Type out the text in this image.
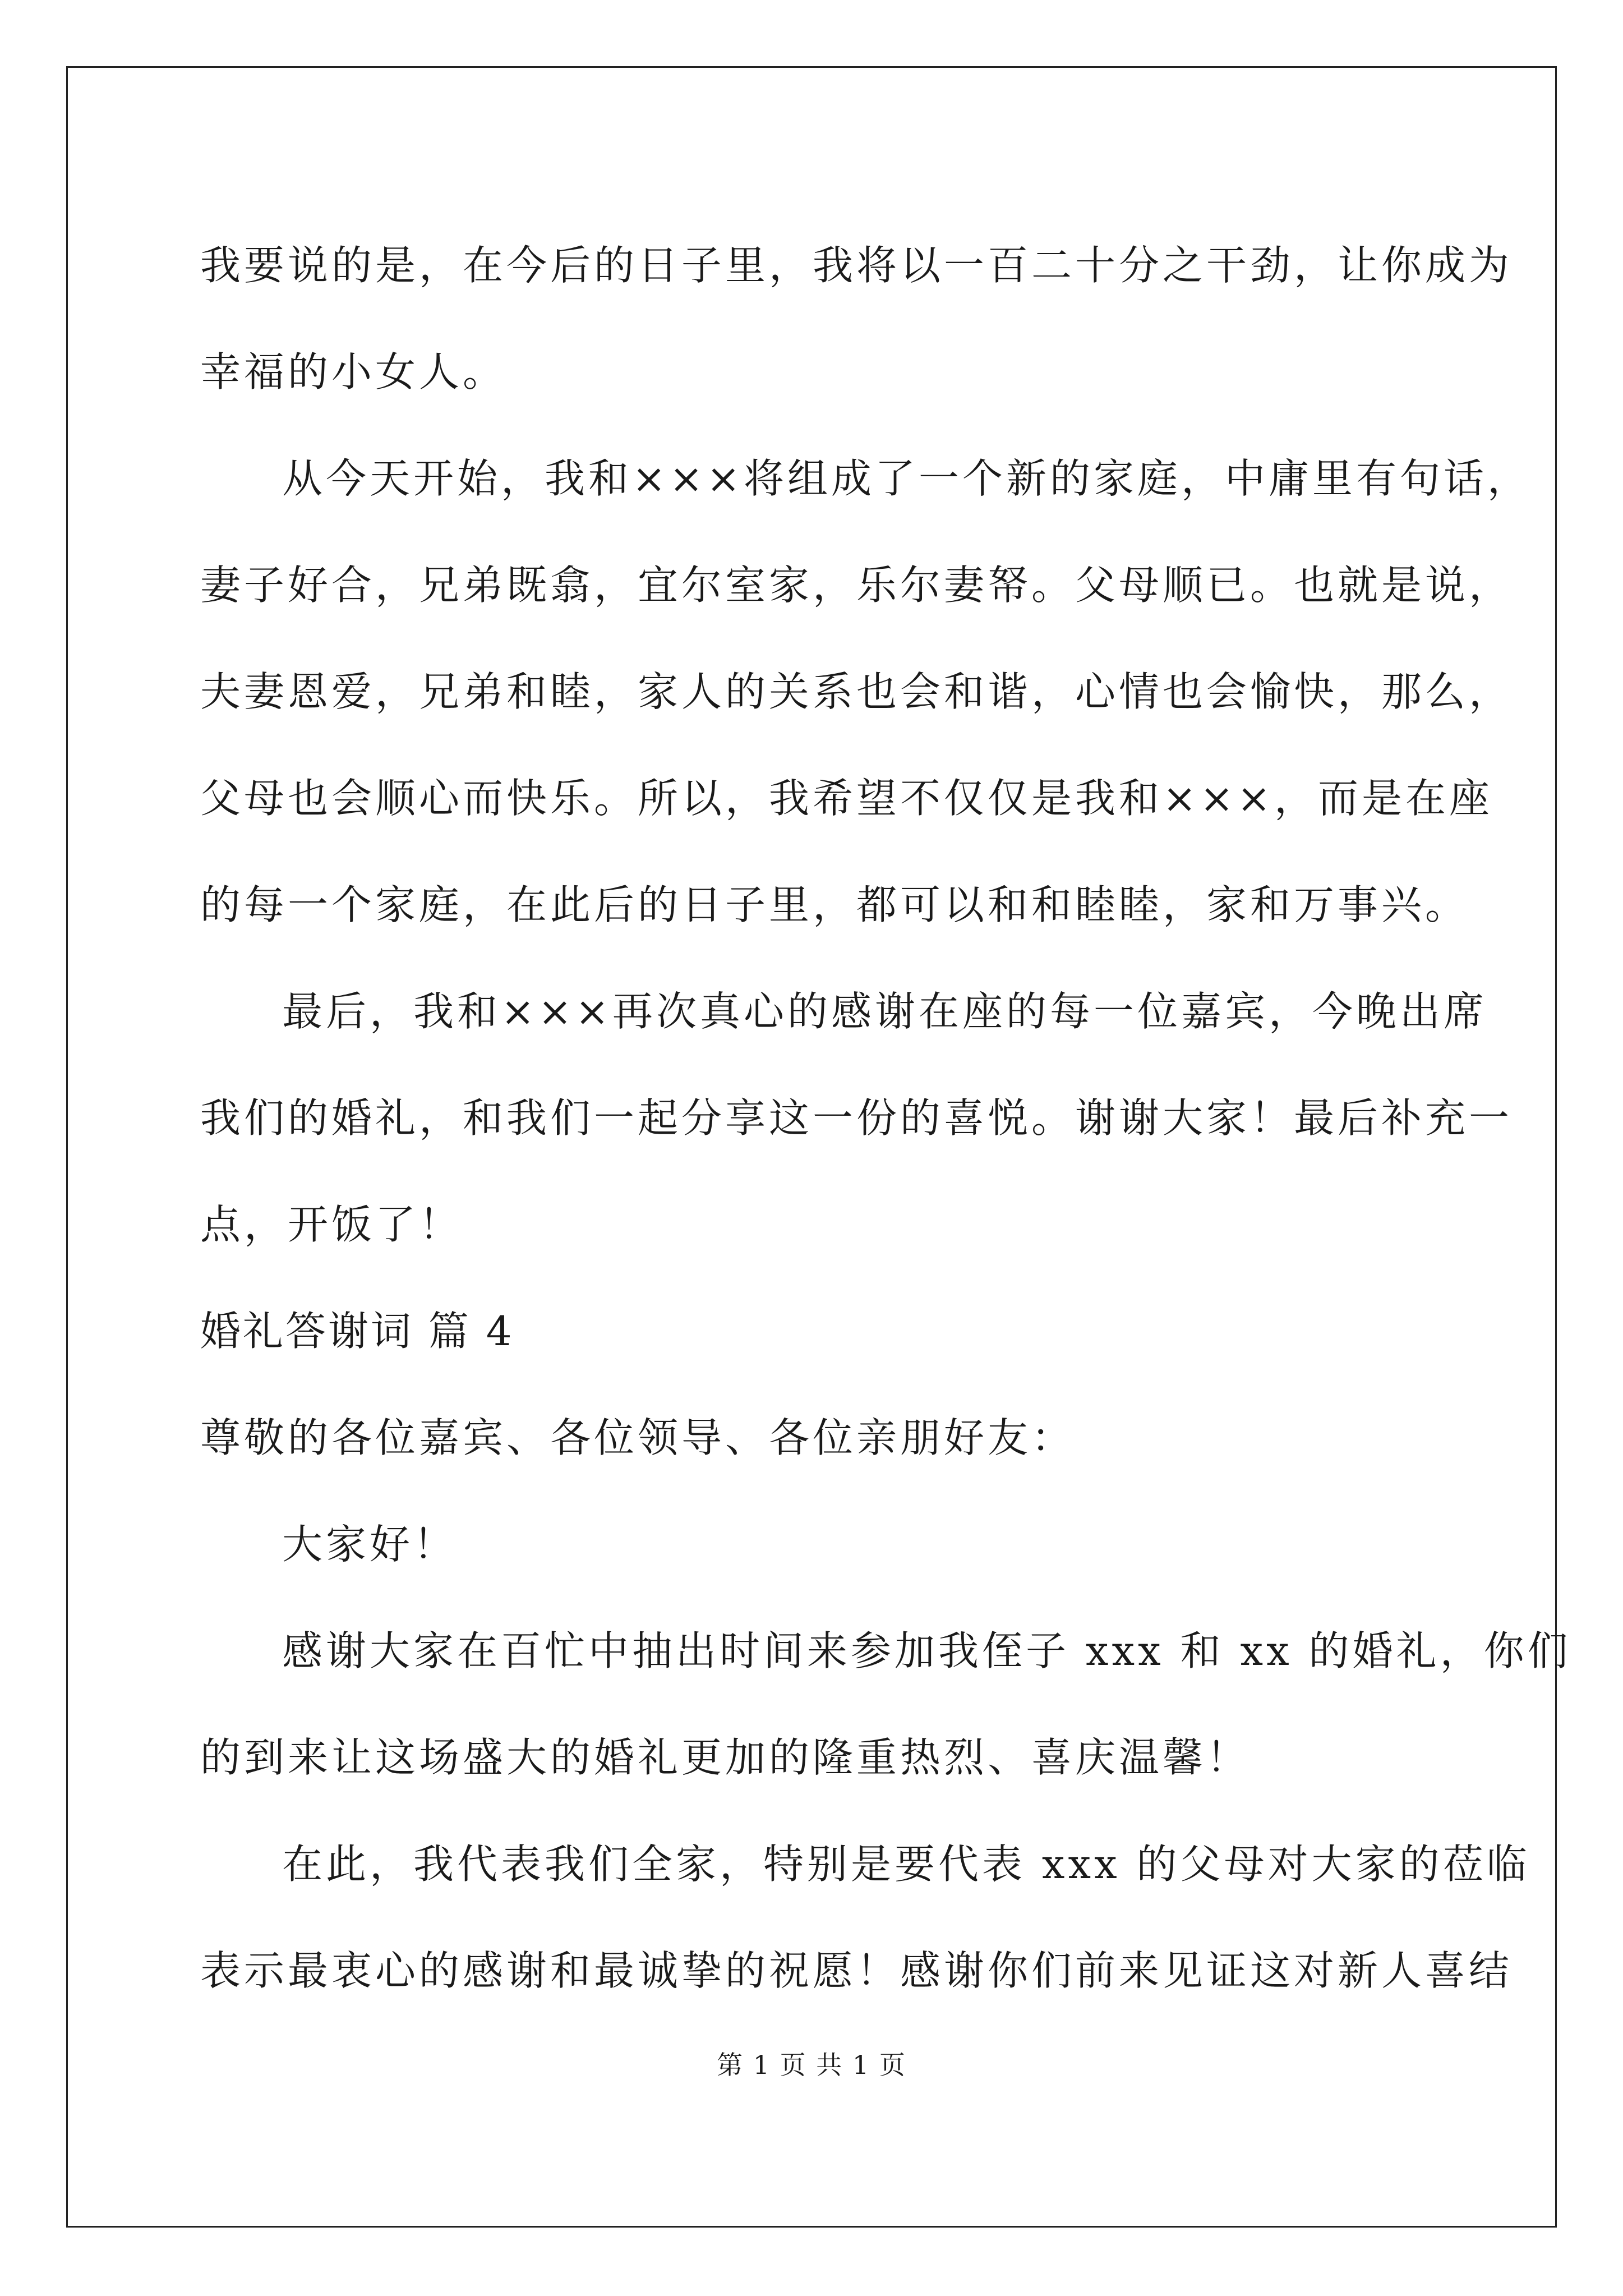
我要说的是，在今后的日子里，我将以一百二十分之干劲，让你成为
幸福的小女人。
从今天开始，我和×××将组成了一个新的家庭，中庸里有句话，
妻子好合，兄弟既翕，宜尔室家，乐尔妻帑。父母顺已。也就是说，
夫妻恩爱，兄弟和睦，家人的关系也会和谐，心情也会愉快，那么，
父母也会顺心而快乐。所以，我希望不仅仅是我和×××，而是在座
的每一个家庭，在此后的日子里，都可以和和睦睦，家和万事兴。
最后，我和×××再次真心的感谢在座的每一位嘉宾，今晚出席
我们的婚礼，和我们一起分享这一份的喜悦。谢谢大家！最后补充一
点，开饭了！
婚礼答谢词 篇 4
尊敬的各位嘉宾、各位领导、各位亲朋好友：
大家好！
感谢大家在百忙中抽出时间来参加我侄子 xxx 和 xx 的婚礼，你们
的到来让这场盛大的婚礼更加的隆重热烈、喜庆温馨！
在此，我代表我们全家，特别是要代表 xxx 的父母对大家的莅临
表示最衷心的感谢和最诚挚的祝愿！感谢你们前来见证这对新人喜结
第 1 页 共 1 页
